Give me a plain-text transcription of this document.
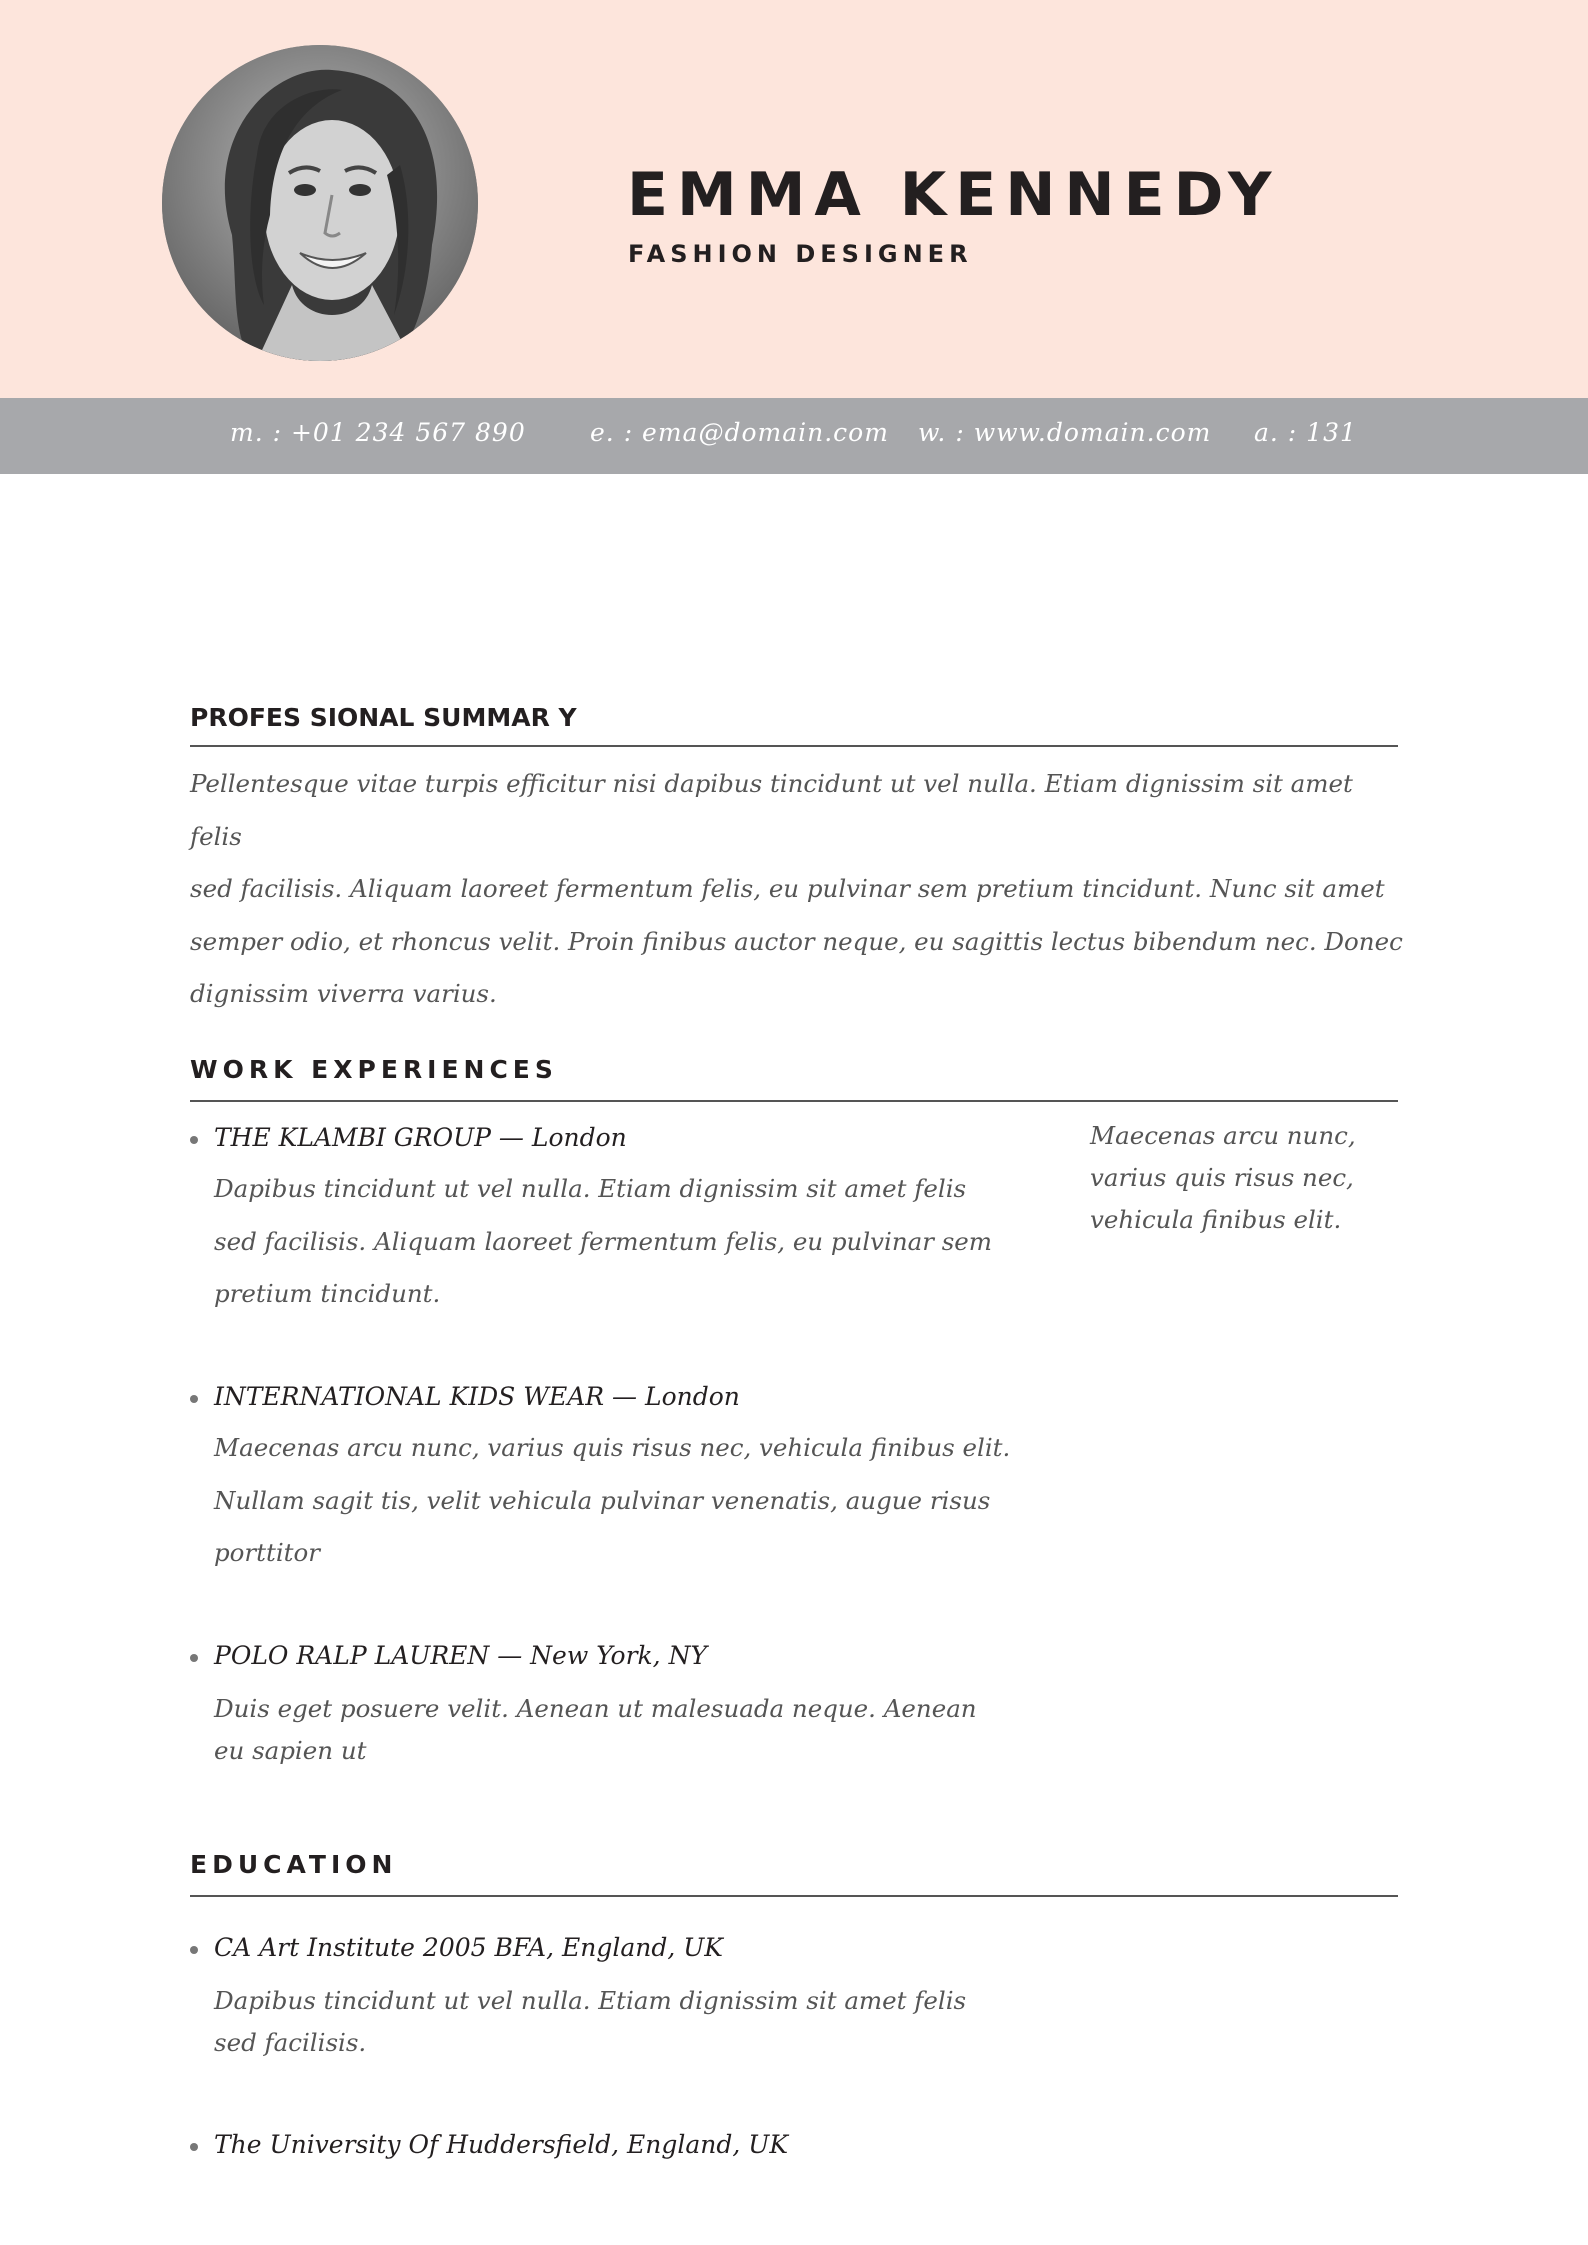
EMMA KENNEDY
FASHION DESIGNER
m. : +01 234 567 890	e. : ema@domain.com w. : www.domain.com a. : 131
PROFES SIONAL SUMMAR Y
Pellentesque vitae turpis efficitur nisi dapibus tincidunt ut vel nulla. Etiam dignissim sit amet felis
sed facilisis. Aliquam laoreet fermentum felis, eu pulvinar sem pretium tincidunt. Nunc sit amet
semper odio, et rhoncus velit. Proin finibus auctor neque, eu sagittis lectus bibendum nec. Donec
dignissim viverra varius.
WORK EXPERIENCES
Maecenas arcu nunc,
varius quis risus nec,
vehicula finibus elit.
THE KLAMBI GROUP — London
Dapibus tincidunt ut vel nulla. Etiam dignissim sit amet felis
sed facilisis. Aliquam laoreet fermentum felis, eu pulvinar sem
pretium tincidunt.
INTERNATIONAL KIDS WEAR — London
Maecenas arcu nunc, varius quis risus nec, vehicula finibus elit.
Nullam sagit tis, velit vehicula pulvinar venenatis, augue risus
porttitor
POLO RALP LAUREN — New York, NY
Duis eget posuere velit. Aenean ut malesuada neque. Aenean
eu sapien ut
EDUCATION
CA Art Institute 2005 BFA, England, UK
Dapibus tincidunt ut vel nulla. Etiam dignissim sit amet felis
sed facilisis.
The University Of Huddersfield, England, UK
